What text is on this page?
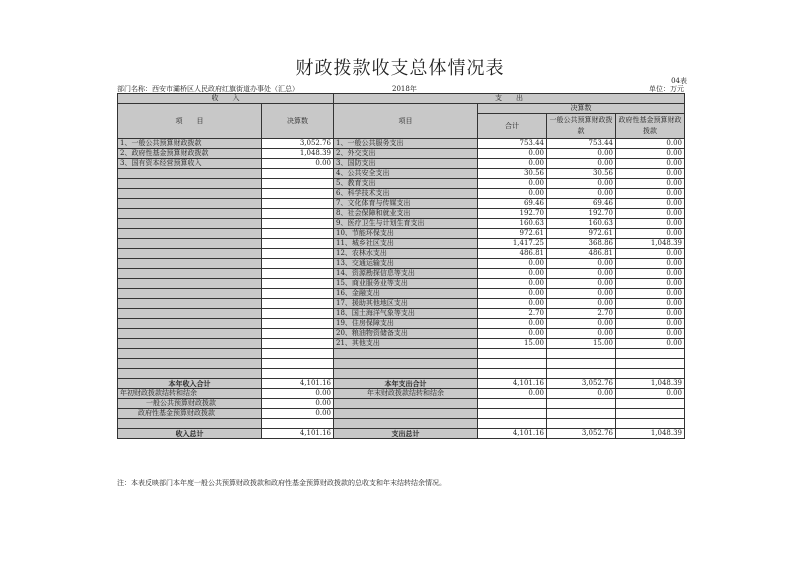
财政拨款收支总体情况表
04表
部门名称：西安市灞桥区人民政府红旗街道办事处（汇总）	2018年	单位：万元
收　　入		支　　出			
项　　目	决算数	项目	决算数		
			合计	一般公共预算财政拨款	政府性基金预算财政拨款
1、一般公共预算财政拨款	3,052.76	1、一般公共服务支出	753.44	753.44	0.00
2、政府性基金预算财政拨款	1,048.39	2、外交支出	0.00	0.00	0.00
3、国有资本经营预算收入	0.00	3、国防支出	0.00	0.00	0.00
		4、公共安全支出	30.56	30.56	0.00
		5、教育支出	0.00	0.00	0.00
		6、科学技术支出	0.00	0.00	0.00
		7、文化体育与传媒支出	69.46	69.46	0.00
		8、社会保障和就业支出	192.70	192.70	0.00
		9、医疗卫生与计划生育支出	160.63	160.63	0.00
		10、节能环保支出	972.61	972.61	0.00
		11、城乡社区支出	1,417.25	368.86	1,048.39
		12、农林水支出	486.81	486.81	0.00
		13、交通运输支出	0.00	0.00	0.00
		14、资源勘探信息等支出	0.00	0.00	0.00
		15、商业服务业等支出	0.00	0.00	0.00
		16、金融支出	0.00	0.00	0.00
		17、援助其他地区支出	0.00	0.00	0.00
		18、国土海洋气象等支出	2.70	2.70	0.00
		19、住房保障支出	0.00	0.00	0.00
		20、粮油物资储备支出	0.00	0.00	0.00
		21、其他支出	15.00	15.00	0.00

本年收入合计	4,101.16	本年支出合计	4,101.16	3,052.76	1,048.39
年初财政拨款结转和结余	0.00	年末财政拨款结转和结余	0.00	0.00	0.00
一般公共预算财政拨款	0.00				
政府性基金预算财政拨款	0.00				

收入总计	4,101.16	支出总计	4,101.16	3,052.76	1,048.39
注：本表反映部门本年度一般公共预算财政拨款和政府性基金预算财政拨款的总收支和年末结转结余情况。
